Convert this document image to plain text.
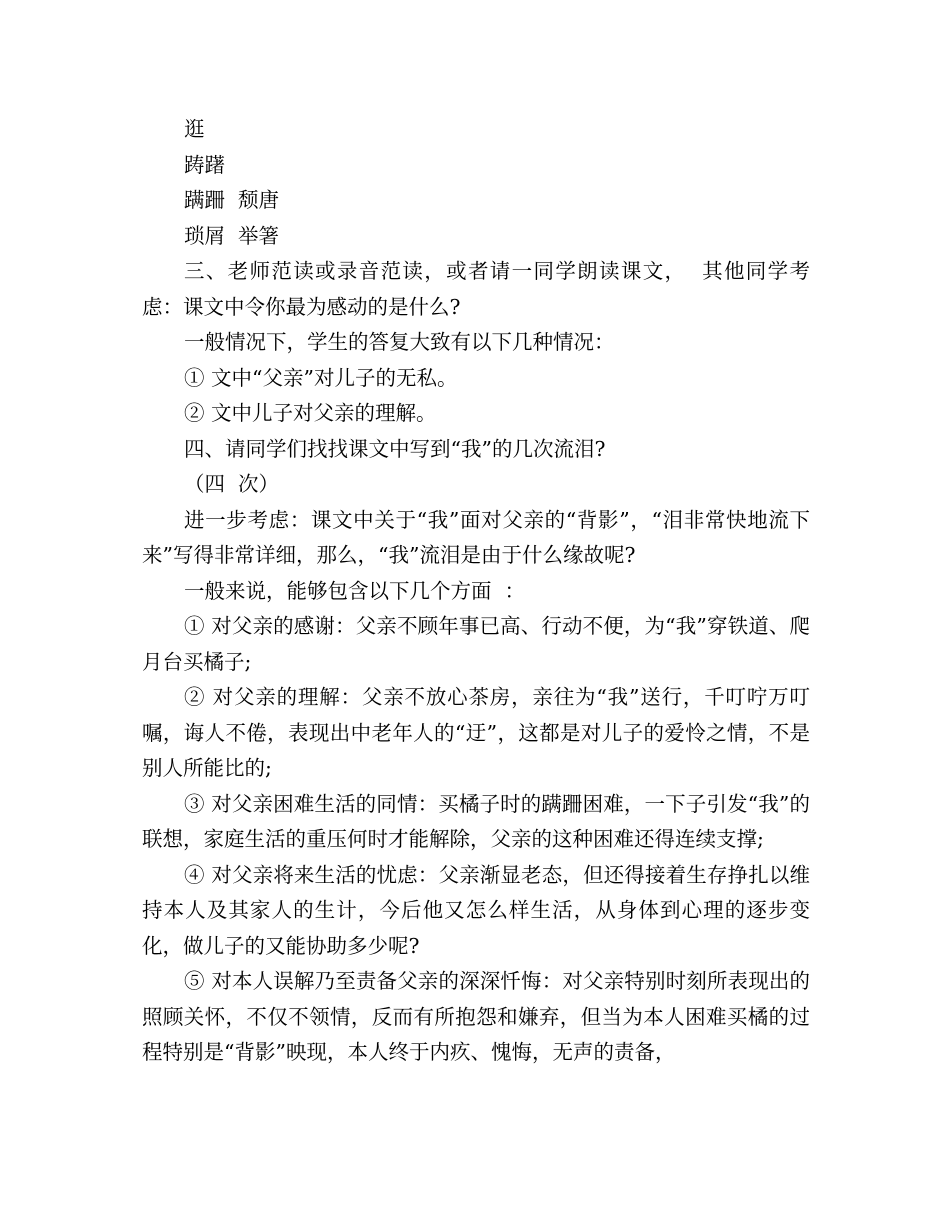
逛

踌躇

蹒跚  颓唐

琐屑  举箸

三、老师范读或录音范读，或者请一同学朗读课文，  其他同学考虑：课文中令你最为感动的是什么?

一般情况下，学生的答复大致有以下几种情况：

① 文中“父亲”对儿子的无私。

② 文中儿子对父亲的理解。

四、请同学们找找课文中写到“我”的几次流泪?

（四  次）

进一步考虑：课文中关于“我”面对父亲的“背影”，“泪非常快地流下来”写得非常详细，那么，“我”流泪是由于什么缘故呢?

一般来说，能够包含以下几个方面  ：

① 对父亲的感谢：父亲不顾年事已高、行动不便，为“我”穿铁道、爬月台买橘子;

② 对父亲的理解：父亲不放心茶房，亲往为“我”送行，千叮咛万叮嘱，诲人不倦，表现出中老年人的“迂”，这都是对儿子的爱怜之情，不是别人所能比的;

③ 对父亲困难生活的同情：买橘子时的蹒跚困难，一下子引发“我”的联想，家庭生活的重压何时才能解除，父亲的这种困难还得连续支撑;

④ 对父亲将来生活的忧虑：父亲渐显老态，但还得接着生存挣扎以维持本人及其家人的生计，今后他又怎么样生活，从身体到心理的逐步变化，做儿子的又能协助多少呢?

⑤ 对本人误解乃至责备父亲的深深忏悔：对父亲特别时刻所表现出的照顾关怀，不仅不领情，反而有所抱怨和嫌弃，但当为本人困难买橘的过程特别是“背影”映现，本人终于内疚、愧悔，无声的责备，
